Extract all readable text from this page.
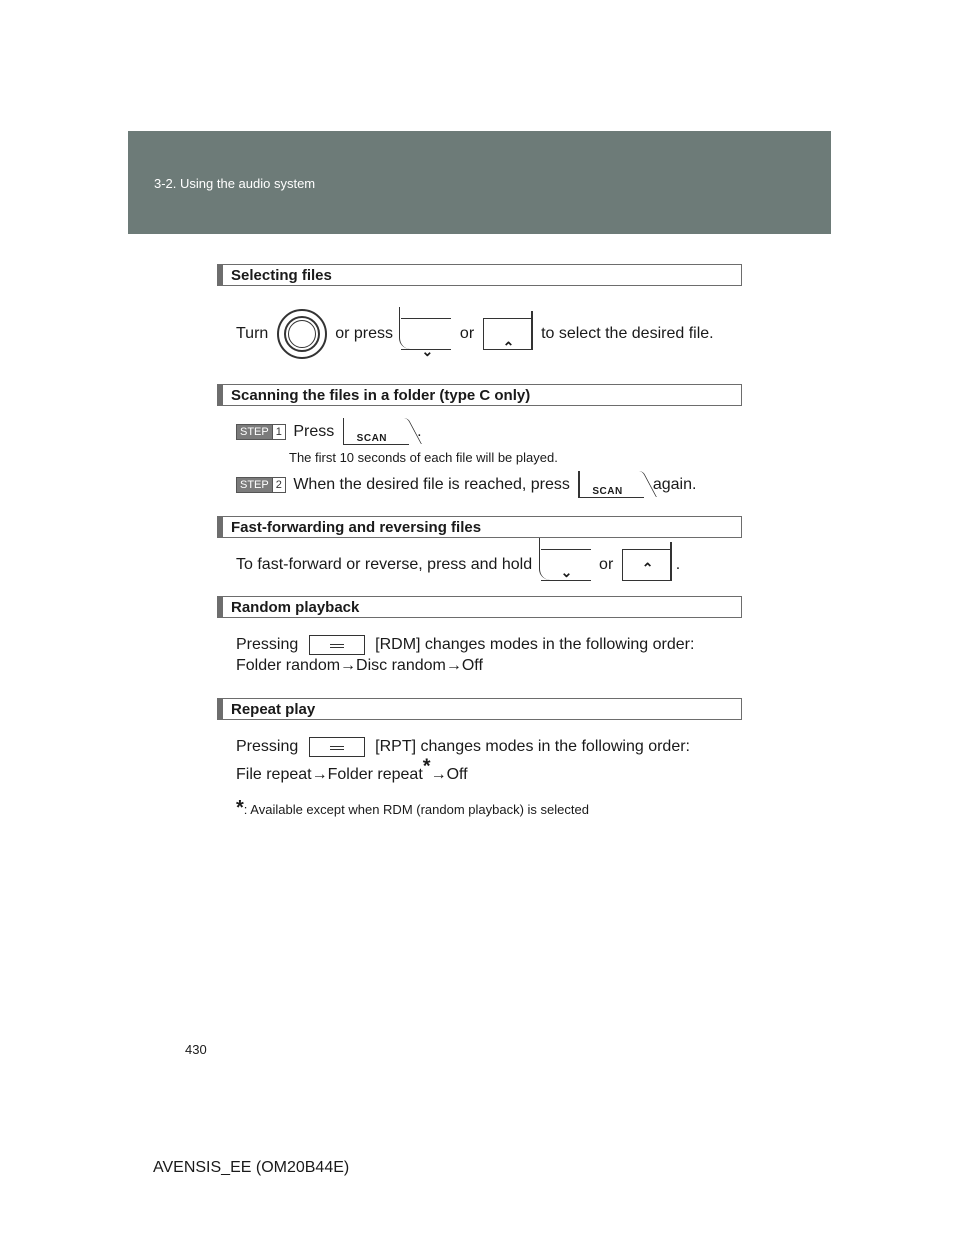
3-2. Using the audio system
Selecting files
Turn	or press
⌄
or
⌃
to select the desired file.
Scanning the files in a folder (type C only)
STEP 1 Press SCAN .
The first 10 seconds of each file will be played.
STEP 2 When the desired file is reached, press SCAN again.
Fast-forwarding and reversing files
To fast-forward or reverse, press and hold ⌄ or ⌃ .
Random playback
Pressing	[RDM] changes modes in the following order:
Folder random→Disc random→Off
Repeat play
Pressing	[RPT] changes modes in the following order:
File repeat→Folder repeat*→Off
*: Available except when RDM (random playback) is selected
430
AVENSIS_EE (OM20B44E)
